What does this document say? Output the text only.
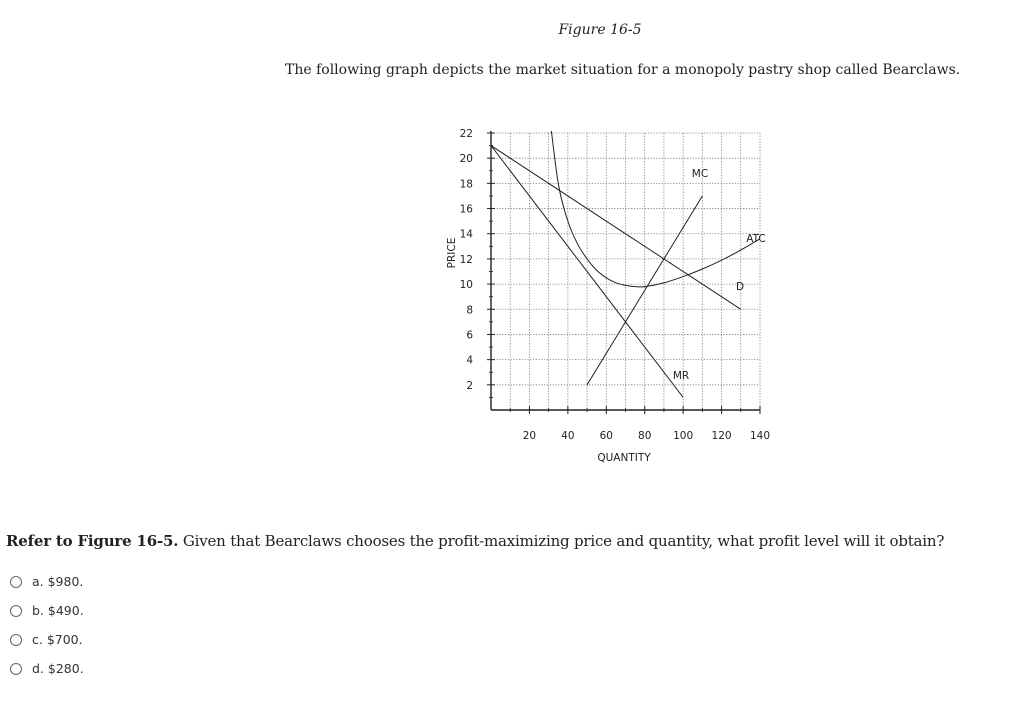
Figure 16-5
The following graph depicts the market situation for a monopoly pastry shop called Bearclaws.
2
4
6
8
10
12
14
16
18
20
22
20 40 60 80 100 120 140
QUANTITY
PRICE
D
MR
MC
ATC
Refer to Figure 16-5. Given that Bearclaws chooses the profit-maximizing price and quantity, what profit level will it obtain?
a. $980.
b. $490.
c. $700.
d. $280.
